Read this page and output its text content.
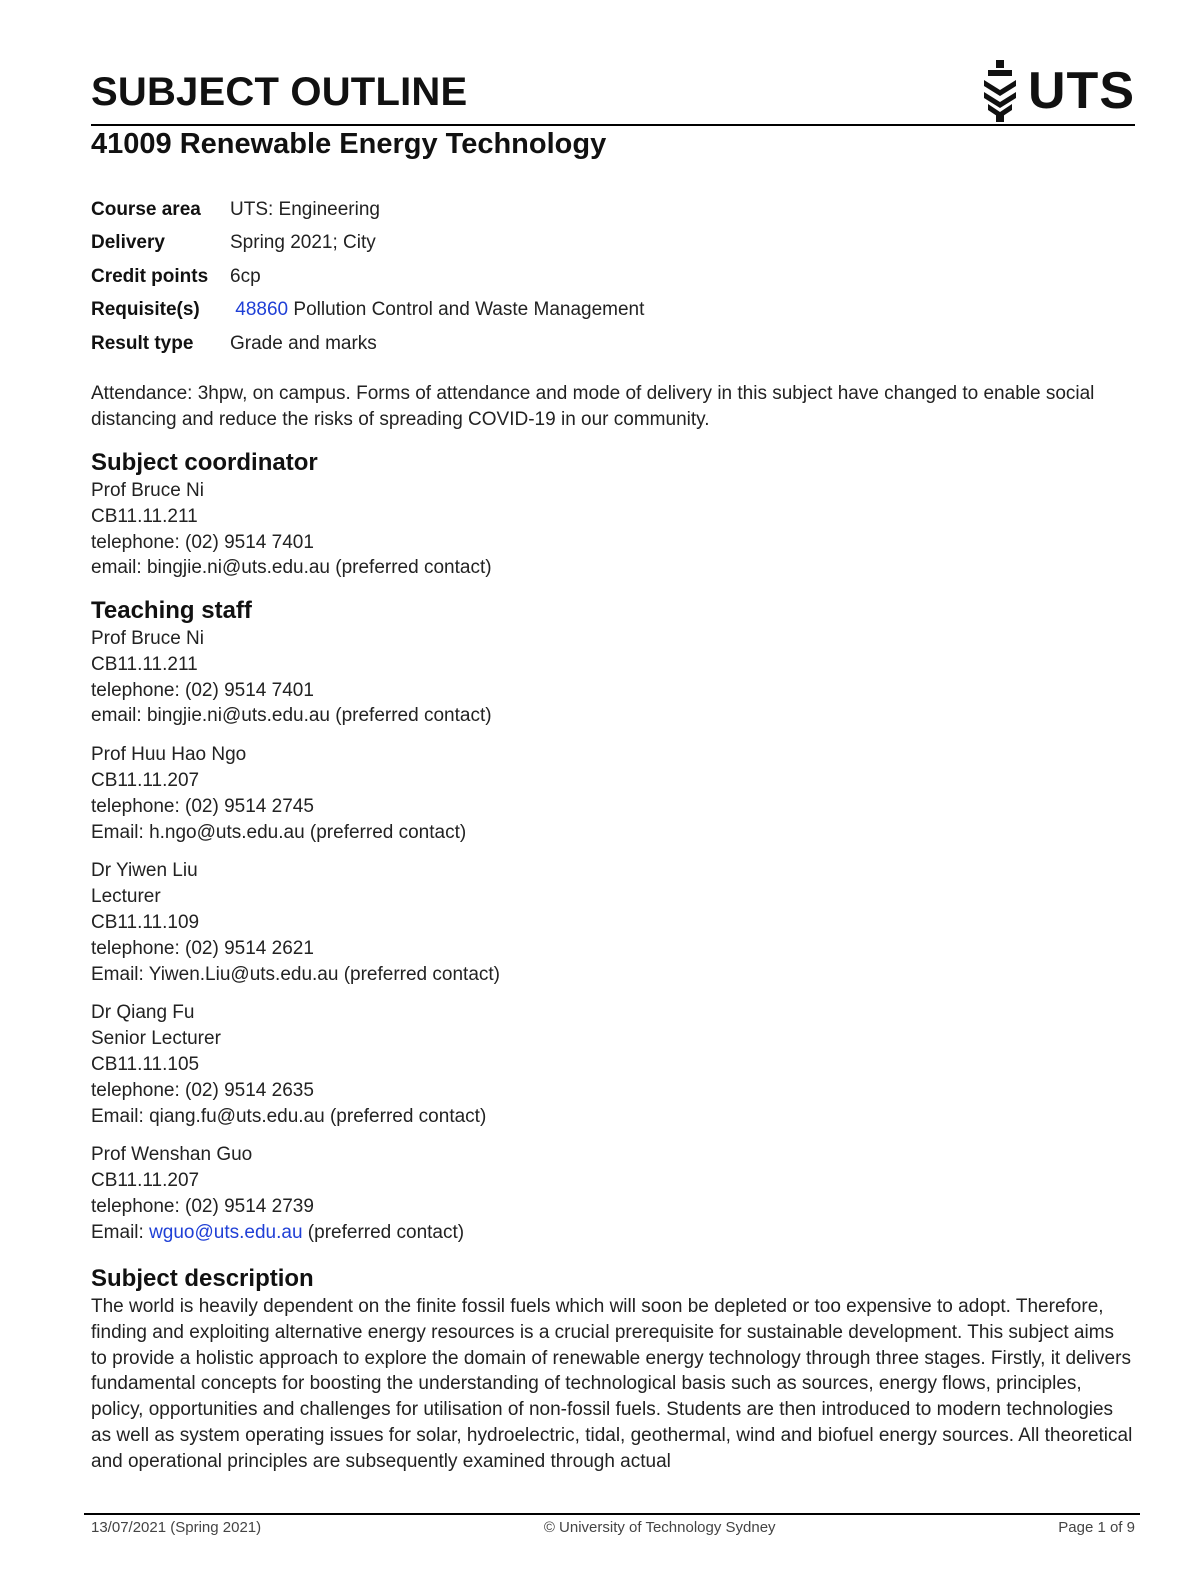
SUBJECT OUTLINE	UTS
41009 Renewable Energy Technology
Course area	UTS: Engineering
Delivery	Spring 2021; City
Credit points	6cp
Requisite(s)	48860 Pollution Control and Waste Management
Result type	Grade and marks
Attendance: 3hpw, on campus. Forms of attendance and mode of delivery in this subject have changed to enable social distancing and reduce the risks of spreading COVID-19 in our community.
Subject coordinator
Prof Bruce Ni
CB11.11.211
telephone: (02) 9514 7401
email: bingjie.ni@uts.edu.au (preferred contact)
Teaching staff
Prof Bruce Ni
CB11.11.211
telephone: (02) 9514 7401
email: bingjie.ni@uts.edu.au (preferred contact)
Prof Huu Hao Ngo
CB11.11.207
telephone: (02) 9514 2745
Email: h.ngo@uts.edu.au (preferred contact)
Dr Yiwen Liu
Lecturer
CB11.11.109
telephone: (02) 9514 2621
Email: Yiwen.Liu@uts.edu.au (preferred contact)
Dr Qiang Fu
Senior Lecturer
CB11.11.105
telephone: (02) 9514 2635
Email: qiang.fu@uts.edu.au (preferred contact)
Prof Wenshan Guo
CB11.11.207
telephone: (02) 9514 2739
Email: wguo@uts.edu.au (preferred contact)
Subject description
The world is heavily dependent on the finite fossil fuels which will soon be depleted or too expensive to adopt. Therefore, finding and exploiting alternative energy resources is a crucial prerequisite for sustainable development. This subject aims to provide a holistic approach to explore the domain of renewable energy technology through three stages. Firstly, it delivers fundamental concepts for boosting the understanding of technological basis such as sources, energy flows, principles, policy, opportunities and challenges for utilisation of non-fossil fuels. Students are then introduced to modern technologies as well as system operating issues for solar, hydroelectric, tidal, geothermal, wind and biofuel energy sources. All theoretical and operational principles are subsequently examined through actual
13/07/2021 (Spring 2021)	© University of Technology Sydney	Page 1 of 9
